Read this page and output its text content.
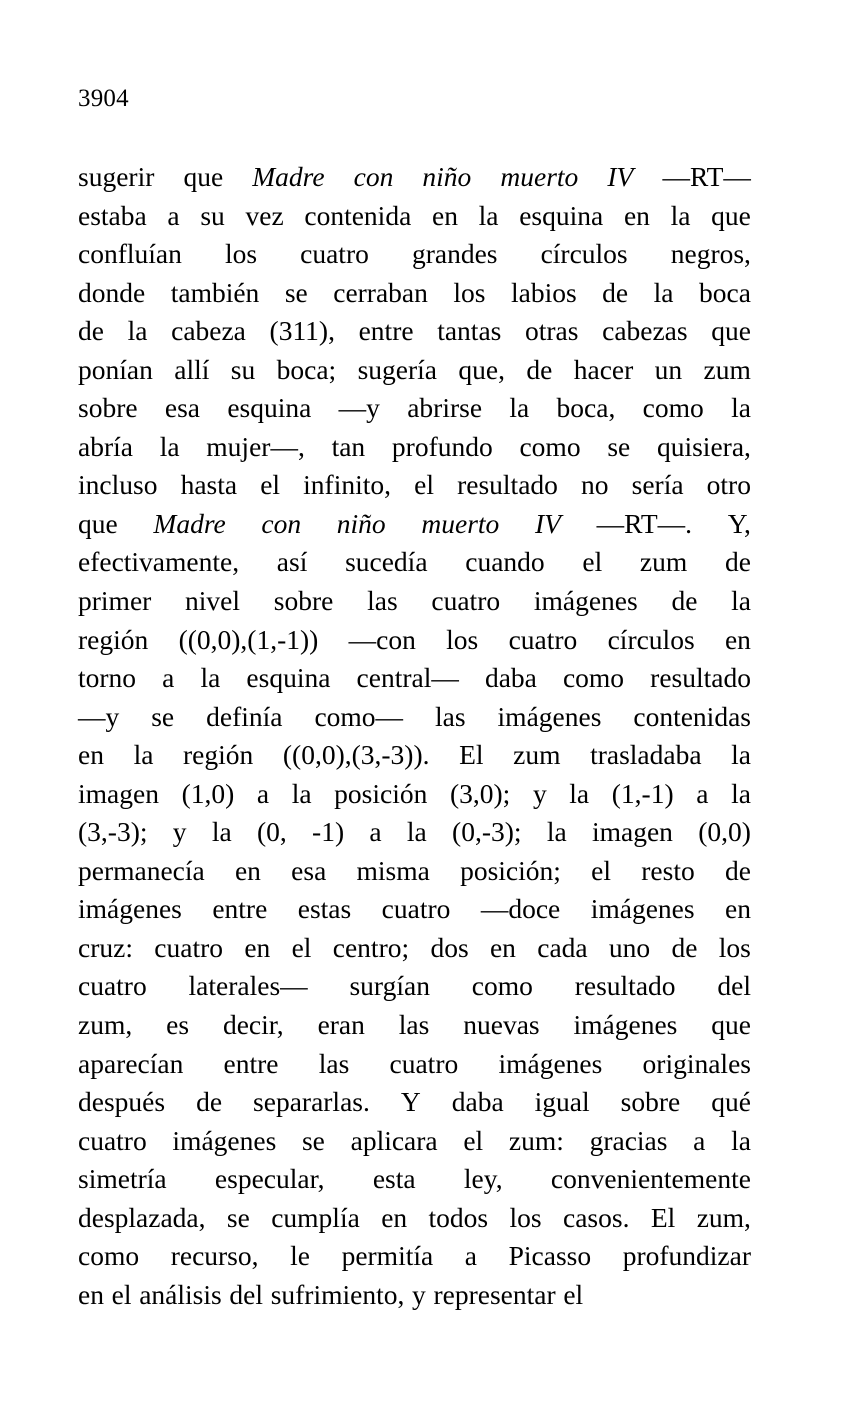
3904
sugerir que Madre con niño muerto IV —RT—
estaba a su vez contenida en la esquina en la que
confluían los cuatro grandes círculos negros,
donde también se cerraban los labios de la boca
de la cabeza (311), entre tantas otras cabezas que
ponían allí su boca; sugería que, de hacer un zum
sobre esa esquina —y abrirse la boca, como la
abría la mujer—, tan profundo como se quisiera,
incluso hasta el infinito, el resultado no sería otro
que Madre con niño muerto IV —RT—. Y,
efectivamente, así sucedía cuando el zum de
primer nivel sobre las cuatro imágenes de la
región ((0,0),(1,-1)) —con los cuatro círculos en
torno a la esquina central— daba como resultado
—y se definía como— las imágenes contenidas
en la región ((0,0),(3,-3)). El zum trasladaba la
imagen (1,0) a la posición (3,0); y la (1,-1) a la
(3,-3); y la (0, -1) a la (0,-3); la imagen (0,0)
permanecía en esa misma posición; el resto de
imágenes entre estas cuatro —doce imágenes en
cruz: cuatro en el centro; dos en cada uno de los
cuatro laterales— surgían como resultado del
zum, es decir, eran las nuevas imágenes que
aparecían entre las cuatro imágenes originales
después de separarlas. Y daba igual sobre qué
cuatro imágenes se aplicara el zum: gracias a la
simetría especular, esta ley, convenientemente
desplazada, se cumplía en todos los casos. El zum,
como recurso, le permitía a Picasso profundizar
en el análisis del sufrimiento, y representar el
